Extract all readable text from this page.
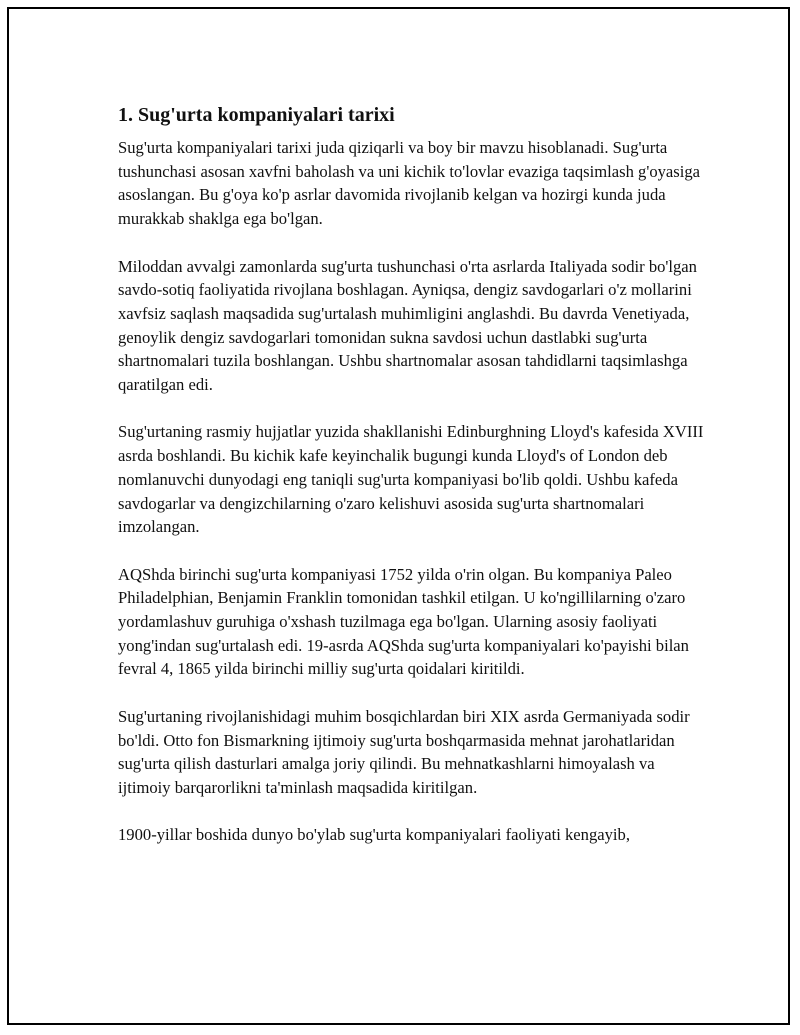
1. Sug'urta kompaniyalari tarixi

Sug'urta kompaniyalari tarixi juda qiziqarli va boy bir mavzu hisoblanadi. Sug'urta tushunchasi asosan xavfni baholash va uni kichik to'lovlar evaziga taqsimlash g'oyasiga asoslangan. Bu g'oya ko'p asrlar davomida rivojlanib kelgan va hozirgi kunda juda murakkab shaklga ega bo'lgan.

Miloddan avvalgi zamonlarda sug'urta tushunchasi o'rta asrlarda Italiyada sodir bo'lgan savdo-sotiq faoliyatida rivojlana boshlagan. Ayniqsa, dengiz savdogarlari o'z mollarini xavfsiz saqlash maqsadida sug'urtalash muhimligini anglashdi. Bu davrda Venetiyada, genoylik dengiz savdogarlari tomonidan sukna savdosi uchun dastlabki sug'urta shartnomalari tuzila boshlangan. Ushbu shartnomalar asosan tahdidlarni taqsimlashga qaratilgan edi.

Sug'urtaning rasmiy hujjatlar yuzida shakllanishi Edinburghning Lloyd's kafesida XVIII asrda boshlandi. Bu kichik kafe keyinchalik bugungi kunda Lloyd's of London deb nomlanuvchi dunyodagi eng taniqli sug'urta kompaniyasi bo'lib qoldi. Ushbu kafeda savdogarlar va dengizchilarning o'zaro kelishuvi asosida sug'urta shartnomalari imzolangan.

AQShda birinchi sug'urta kompaniyasi 1752 yilda o'rin olgan. Bu kompaniya Paleo Philadelphian, Benjamin Franklin tomonidan tashkil etilgan. U ko'ngillilarning o'zaro yordamlashuv guruhiga o'xshash tuzilmaga ega bo'lgan. Ularning asosiy faoliyati yong'indan sug'urtalash edi. 19-asrda AQShda sug'urta kompaniyalari ko'payishi bilan fevral 4, 1865 yilda birinchi milliy sug'urta qoidalari kiritildi.

Sug'urtaning rivojlanishidagi muhim bosqichlardan biri XIX asrda Germaniyada sodir bo'ldi. Otto fon Bismarkning ijtimoiy sug'urta boshqarmasida mehnat jarohatlaridan sug'urta qilish dasturlari amalga joriy qilindi. Bu mehnatkashlarni himoyalash va ijtimoiy barqarorlikni ta'minlash maqsadida kiritilgan.

1900-yillar boshida dunyo bo'ylab sug'urta kompaniyalari faoliyati kengayib,
